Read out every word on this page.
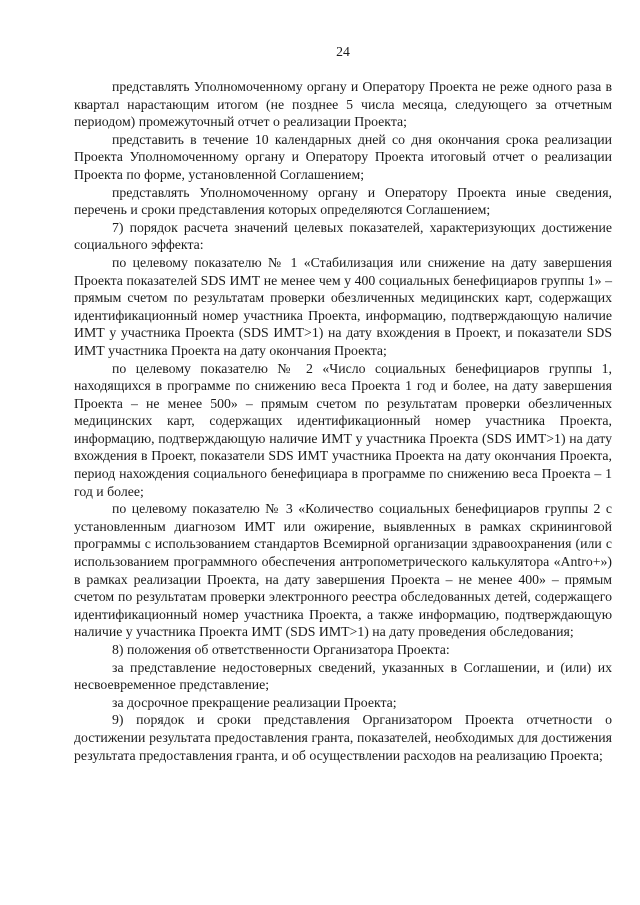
24

представлять Уполномоченному органу и Оператору Проекта не реже одного раза в квартал нарастающим итогом (не позднее 5 числа месяца, следующего за отчетным периодом) промежуточный отчет о реализации Проекта;

представить в течение 10 календарных дней со дня окончания срока реализации Проекта Уполномоченному органу и Оператору Проекта итоговый отчет о реализации Проекта по форме, установленной Соглашением;

представлять Уполномоченному органу и Оператору Проекта иные сведения, перечень и сроки представления которых определяются Соглашением;

7) порядок расчета значений целевых показателей, характеризующих достижение социального эффекта:

по целевому показателю № 1 «Стабилизация или снижение на дату завершения Проекта показателей SDS ИМТ не менее чем у 400 социальных бенефициаров группы 1» – прямым счетом по результатам проверки обезличенных медицинских карт, содержащих идентификационный номер участника Проекта, информацию, подтверждающую наличие ИМТ у участника Проекта (SDS ИМТ>1) на дату вхождения в Проект, и показатели SDS ИМТ участника Проекта на дату окончания Проекта;

по целевому показателю № 2 «Число социальных бенефициаров группы 1, находящихся в программе по снижению веса Проекта 1 год и более, на дату завершения Проекта – не менее 500» – прямым счетом по результатам проверки обезличенных медицинских карт, содержащих идентификационный номер участника Проекта, информацию, подтверждающую наличие ИМТ у участника Проекта (SDS ИМТ>1) на дату вхождения в Проект, показатели SDS ИМТ участника Проекта на дату окончания Проекта, период нахождения социального бенефициара в программе по снижению веса Проекта – 1 год и более;

по целевому показателю № 3 «Количество социальных бенефициаров группы 2 с установленным диагнозом ИМТ или ожирение, выявленных в рамках скрининговой программы с использованием стандартов Всемирной организации здравоохранения (или с использованием программного обеспечения антропометрического калькулятора «Antro+») в рамках реализации Проекта, на дату завершения Проекта – не менее 400» – прямым счетом по результатам проверки электронного реестра обследованных детей, содержащего идентификационный номер участника Проекта, а также информацию, подтверждающую наличие у участника Проекта ИМТ (SDS ИМТ>1) на дату проведения обследования;

8) положения об ответственности Организатора Проекта:

за представление недостоверных сведений, указанных в Соглашении, и (или) их несвоевременное представление;

за досрочное прекращение реализации Проекта;

9) порядок и сроки представления Организатором Проекта отчетности о достижении результата предоставления гранта, показателей, необходимых для достижения результата предоставления гранта, и об осуществлении расходов на реализацию Проекта;
